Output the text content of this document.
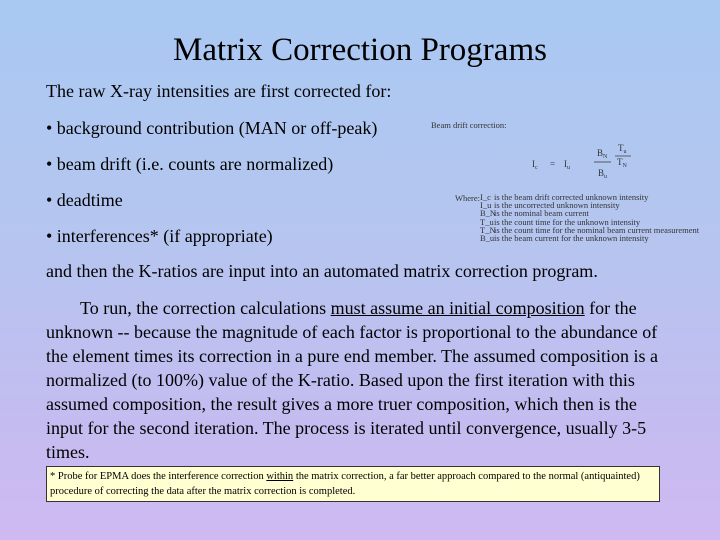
Matrix Correction Programs
The raw X-ray intensities are first corrected for:
• background contribution (MAN or off-peak)
• beam drift (i.e. counts are normalized)
• deadtime
• interferences* (if appropriate)
and then the K-ratios are input into an automated matrix correction program.
To run, the correction calculations must assume an initial composition for the unknown -- because the magnitude of each factor is proportional to the abundance of the element times its correction in a pure end member. The assumed composition is a normalized (to 100%) value of the K-ratio. Based upon the first iteration with this assumed composition, the result gives a more truer composition, which then is the input for the second iteration. The process is iterated until convergence, usually 3-5 times.
* Probe for EPMA does the interference correction within the matrix correction, a far better approach compared to the normal (antiquainted) procedure of correcting the data after the matrix correction is completed.
Beam drift correction:
$I_c = I_u$
$B_N$
$B_u$
$T_u$
$T_N$
Where: I_c is the beam drift corrected unknown intensity
I_u is the uncorrected unknown intensity
B_Nis the nominal beam current
T_uis the count time for the unknown intensity
T_Nis the count time for the nominal beam current measurement
B_uis the beam current for the unknown intensity
